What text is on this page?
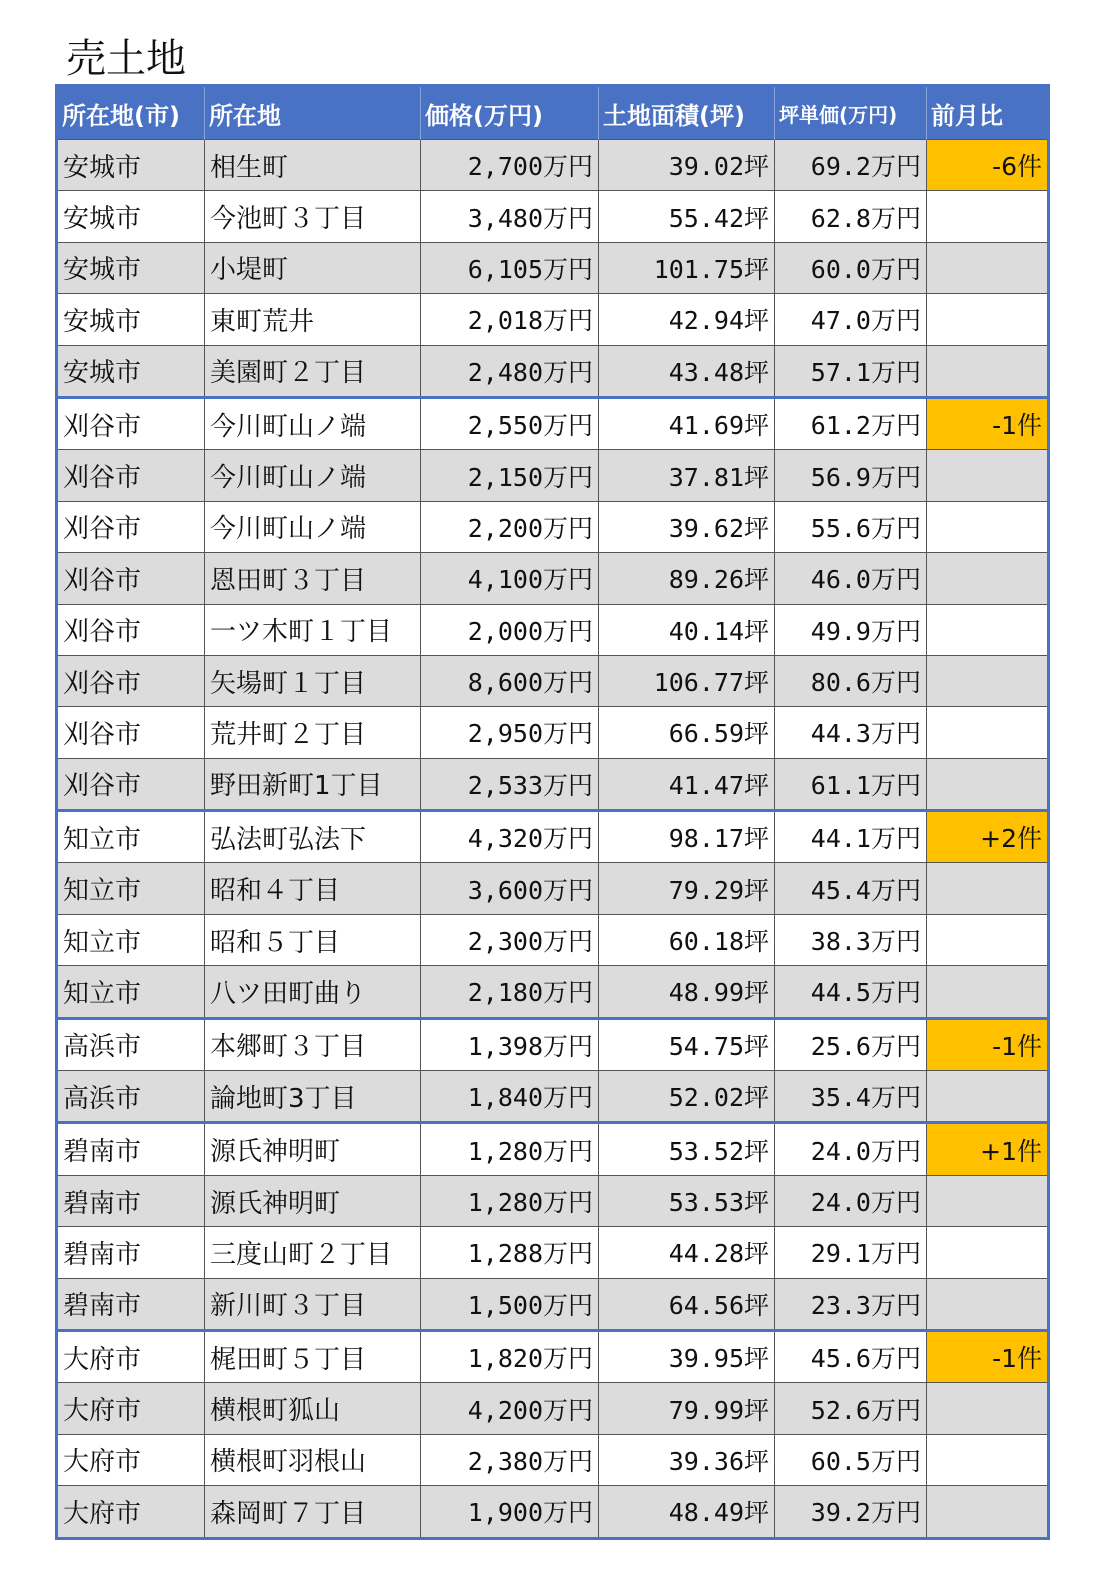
売土地
所在地(市)	所在地	価格(万円)	土地面積(坪)	坪単価(万円)	前月比
安城市	相生町	2,700万円	39.02坪	69.2万円	-6件
安城市	今池町３丁目	3,480万円	55.42坪	62.8万円	
安城市	小堤町	6,105万円	101.75坪	60.0万円	
安城市	東町荒井	2,018万円	42.94坪	47.0万円	
安城市	美園町２丁目	2,480万円	43.48坪	57.1万円	
刈谷市	今川町山ノ端	2,550万円	41.69坪	61.2万円	-1件
刈谷市	今川町山ノ端	2,150万円	37.81坪	56.9万円	
刈谷市	今川町山ノ端	2,200万円	39.62坪	55.6万円	
刈谷市	恩田町３丁目	4,100万円	89.26坪	46.0万円	
刈谷市	一ツ木町１丁目	2,000万円	40.14坪	49.9万円	
刈谷市	矢場町１丁目	8,600万円	106.77坪	80.6万円	
刈谷市	荒井町２丁目	2,950万円	66.59坪	44.3万円	
刈谷市	野田新町1丁目	2,533万円	41.47坪	61.1万円	
知立市	弘法町弘法下	4,320万円	98.17坪	44.1万円	+2件
知立市	昭和４丁目	3,600万円	79.29坪	45.4万円	
知立市	昭和５丁目	2,300万円	60.18坪	38.3万円	
知立市	八ツ田町曲り	2,180万円	48.99坪	44.5万円	
高浜市	本郷町３丁目	1,398万円	54.75坪	25.6万円	-1件
高浜市	論地町3丁目	1,840万円	52.02坪	35.4万円	
碧南市	源氏神明町	1,280万円	53.52坪	24.0万円	+1件
碧南市	源氏神明町	1,280万円	53.53坪	24.0万円	
碧南市	三度山町２丁目	1,288万円	44.28坪	29.1万円	
碧南市	新川町３丁目	1,500万円	64.56坪	23.3万円	
大府市	梶田町５丁目	1,820万円	39.95坪	45.6万円	-1件
大府市	横根町狐山	4,200万円	79.99坪	52.6万円	
大府市	横根町羽根山	2,380万円	39.36坪	60.5万円	
大府市	森岡町７丁目	1,900万円	48.49坪	39.2万円	
